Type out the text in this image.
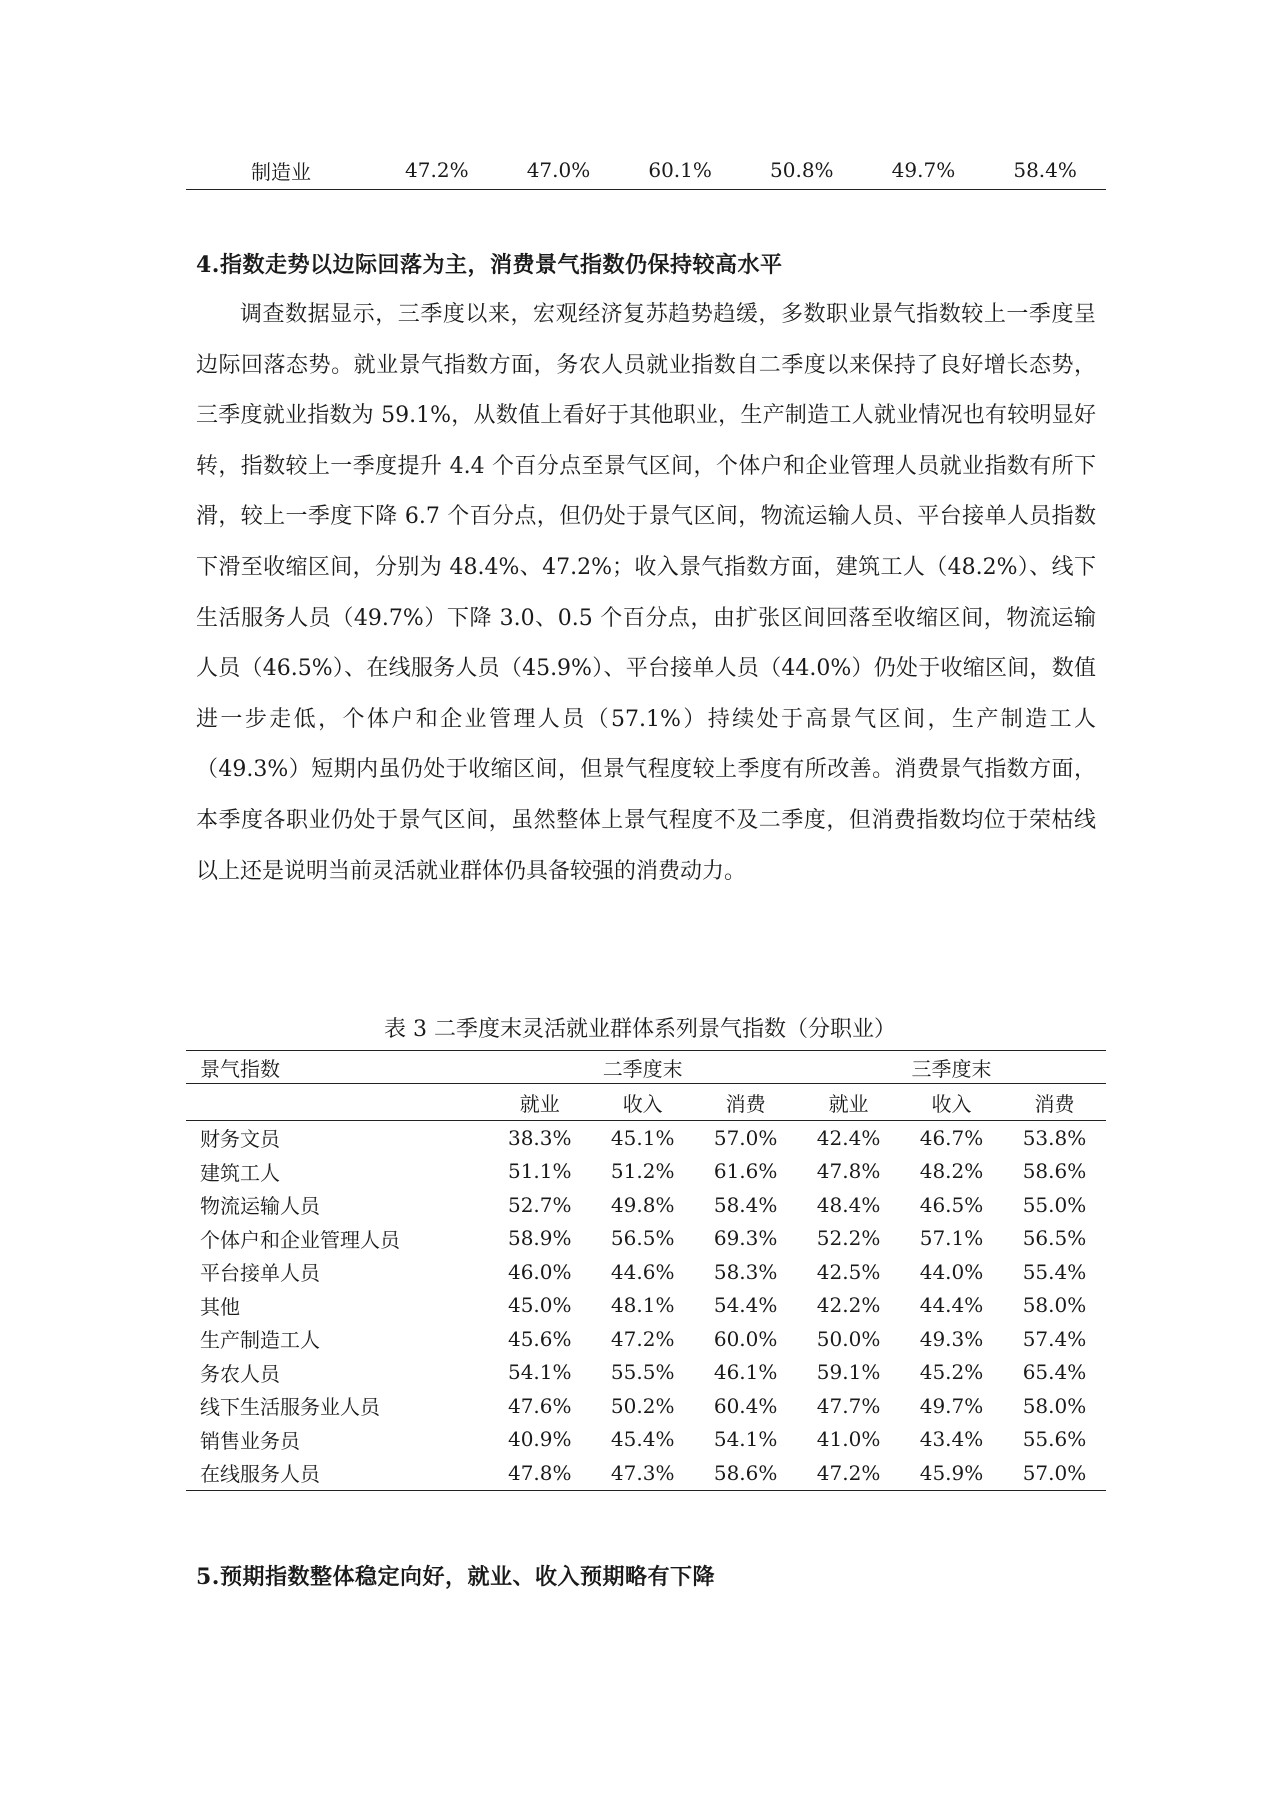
制造业	47.2%	47.0%	60.1%	50.8%	49.7%	58.4%
4.指数走势以边际回落为主，消费景气指数仍保持较高水平

调查数据显示，三季度以来，宏观经济复苏趋势趋缓，多数职业景气指数较上一季度呈边际回落态势。就业景气指数方面，务农人员就业指数自二季度以来保持了良好增长态势，三季度就业指数为 59.1%，从数值上看好于其他职业，生产制造工人就业情况也有较明显好转，指数较上一季度提升 4.4 个百分点至景气区间，个体户和企业管理人员就业指数有所下滑，较上一季度下降 6.7 个百分点，但仍处于景气区间，物流运输人员、平台接单人员指数下滑至收缩区间，分别为 48.4%、47.2%；收入景气指数方面，建筑工人（48.2%）、线下生活服务人员（49.7%）下降 3.0、0.5 个百分点，由扩张区间回落至收缩区间，物流运输人员（46.5%）、在线服务人员（45.9%）、平台接单人员（44.0%）仍处于收缩区间，数值进一步走低，个体户和企业管理人员（57.1%）持续处于高景气区间，生产制造工人（49.3%）短期内虽仍处于收缩区间，但景气程度较上季度有所改善。消费景气指数方面，本季度各职业仍处于景气区间，虽然整体上景气程度不及二季度，但消费指数均位于荣枯线以上还是说明当前灵活就业群体仍具备较强的消费动力。

表 3 二季度末灵活就业群体系列景气指数（分职业）
景气指数	二季度末			三季度末		
	就业	收入	消费	就业	收入	消费
财务文员	38.3%	45.1%	57.0%	42.4%	46.7%	53.8%
建筑工人	51.1%	51.2%	61.6%	47.8%	48.2%	58.6%
物流运输人员	52.7%	49.8%	58.4%	48.4%	46.5%	55.0%
个体户和企业管理人员	58.9%	56.5%	69.3%	52.2%	57.1%	56.5%
平台接单人员	46.0%	44.6%	58.3%	42.5%	44.0%	55.4%
其他	45.0%	48.1%	54.4%	42.2%	44.4%	58.0%
生产制造工人	45.6%	47.2%	60.0%	50.0%	49.3%	57.4%
务农人员	54.1%	55.5%	46.1%	59.1%	45.2%	65.4%
线下生活服务业人员	47.6%	50.2%	60.4%	47.7%	49.7%	58.0%
销售业务员	40.9%	45.4%	54.1%	41.0%	43.4%	55.6%
在线服务人员	47.8%	47.3%	58.6%	47.2%	45.9%	57.0%
5.预期指数整体稳定向好，就业、收入预期略有下降
